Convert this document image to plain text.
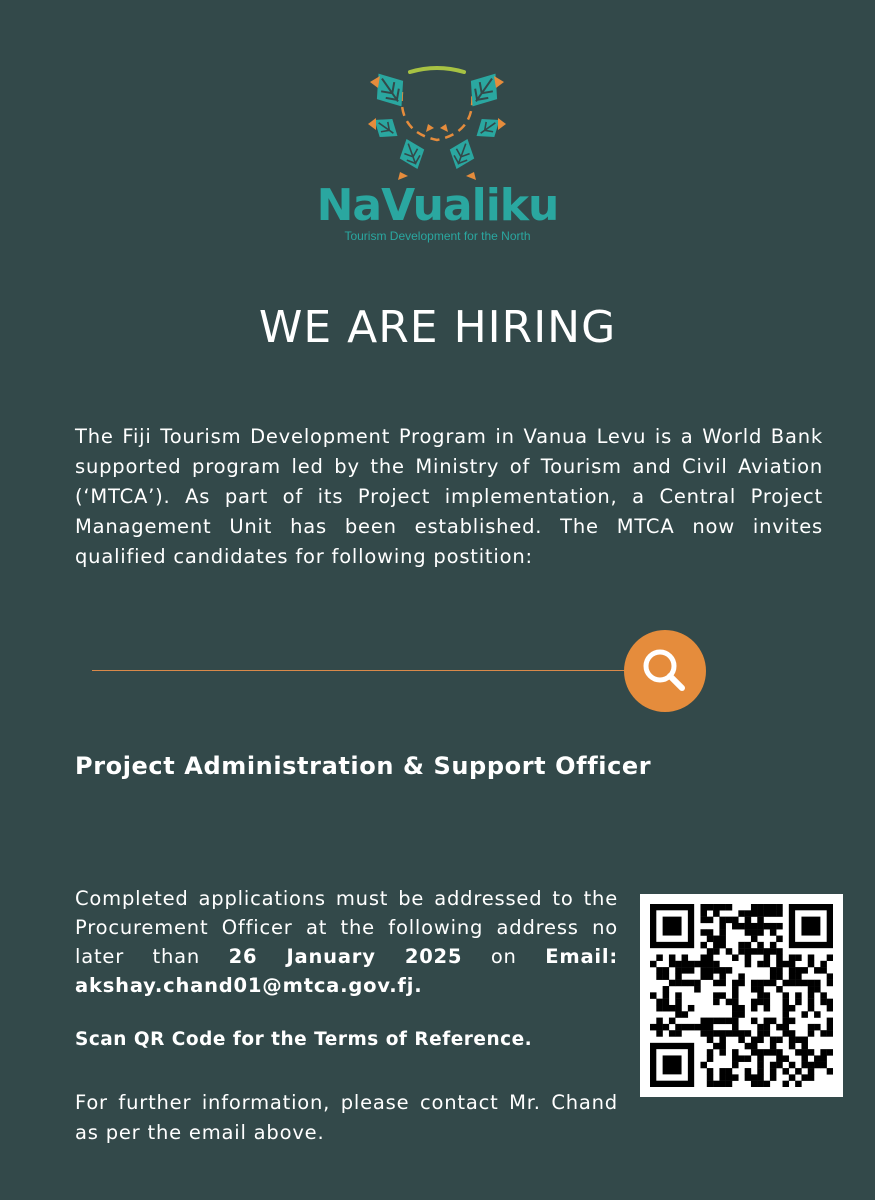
NaVualiku
Tourism Development for the North
WE ARE HIRING

The Fiji Tourism Development Program in Vanua Levu is a World Bank supported program led by the Ministry of Tourism and Civil Aviation (‘MTCA’). As part of its Project implementation, a Central Project Management Unit has been established. The MTCA now invites qualified candidates for following postition:

Project Administration & Support Officer

Completed applications must be addressed to the Procurement Officer at the following address no later than 26 January 2025 on Email: akshay.chand01@mtca.gov.fj.

Scan QR Code for the Terms of Reference.

For further information, please contact Mr. Chand as per the email above.
